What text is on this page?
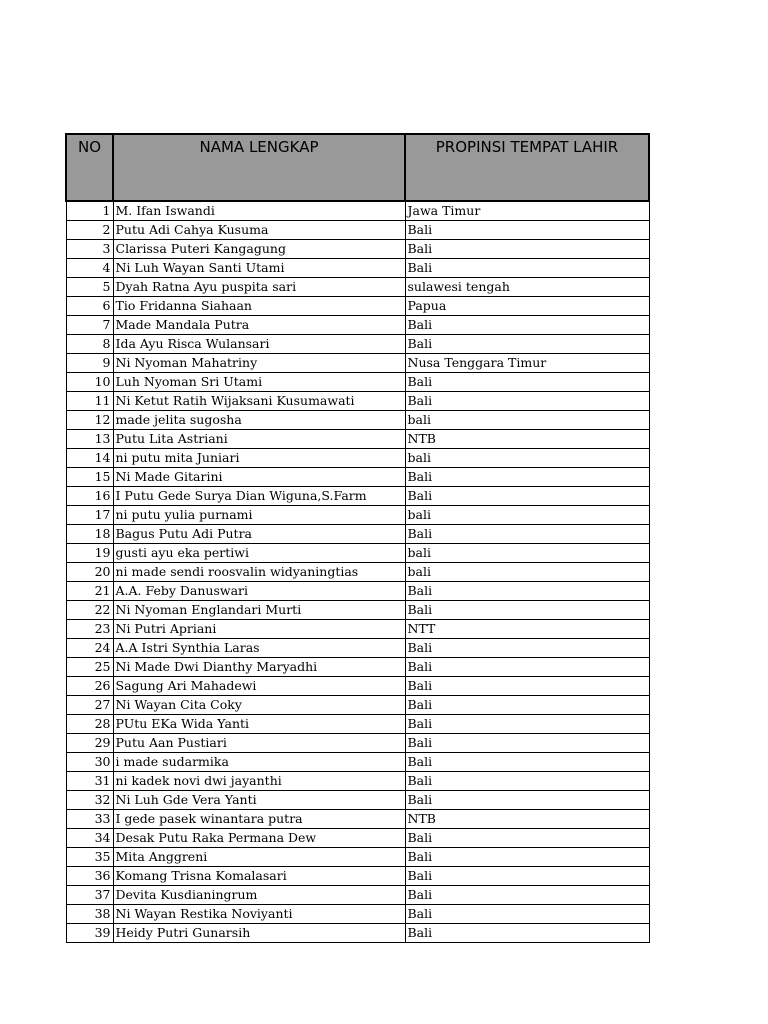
NO	NAMA LENGKAP	PROPINSI TEMPAT LAHIR
1	M. Ifan Iswandi	Jawa Timur
2	Putu Adi Cahya Kusuma	Bali
3	Clarissa Puteri Kangagung	Bali
4	Ni Luh Wayan Santi Utami	Bali
5	Dyah Ratna Ayu puspita sari	sulawesi tengah
6	Tio Fridanna Siahaan	Papua
7	Made Mandala Putra	Bali
8	Ida Ayu Risca Wulansari	Bali
9	Ni Nyoman Mahatriny	Nusa Tenggara Timur
10	Luh Nyoman Sri Utami	Bali
11	Ni Ketut Ratih Wijaksani Kusumawati	Bali
12	made jelita sugosha	bali
13	Putu Lita Astriani	NTB
14	ni putu mita Juniari	bali
15	Ni Made Gitarini	Bali
16	I Putu Gede Surya Dian Wiguna,S.Farm	Bali
17	ni putu yulia purnami	bali
18	Bagus Putu Adi Putra	Bali
19	gusti ayu eka pertiwi	bali
20	ni made sendi roosvalin widyaningtias	bali
21	A.A. Feby Danuswari	Bali
22	Ni Nyoman Englandari Murti	Bali
23	Ni Putri Apriani	NTT
24	A.A Istri Synthia Laras	Bali
25	Ni Made Dwi Dianthy Maryadhi	Bali
26	Sagung Ari Mahadewi	Bali
27	Ni Wayan Cita Coky	Bali
28	PUtu EKa Wida Yanti	Bali
29	Putu Aan Pustiari	Bali
30	i made sudarmika	Bali
31	ni kadek novi dwi jayanthi	Bali
32	Ni Luh Gde Vera Yanti	Bali
33	I gede pasek winantara putra	NTB
34	Desak Putu Raka Permana Dew	Bali
35	Mita Anggreni	Bali
36	Komang Trisna Komalasari	Bali
37	Devita Kusdianingrum	Bali
38	Ni Wayan Restika Noviyanti	Bali
39	Heidy Putri Gunarsih	Bali
